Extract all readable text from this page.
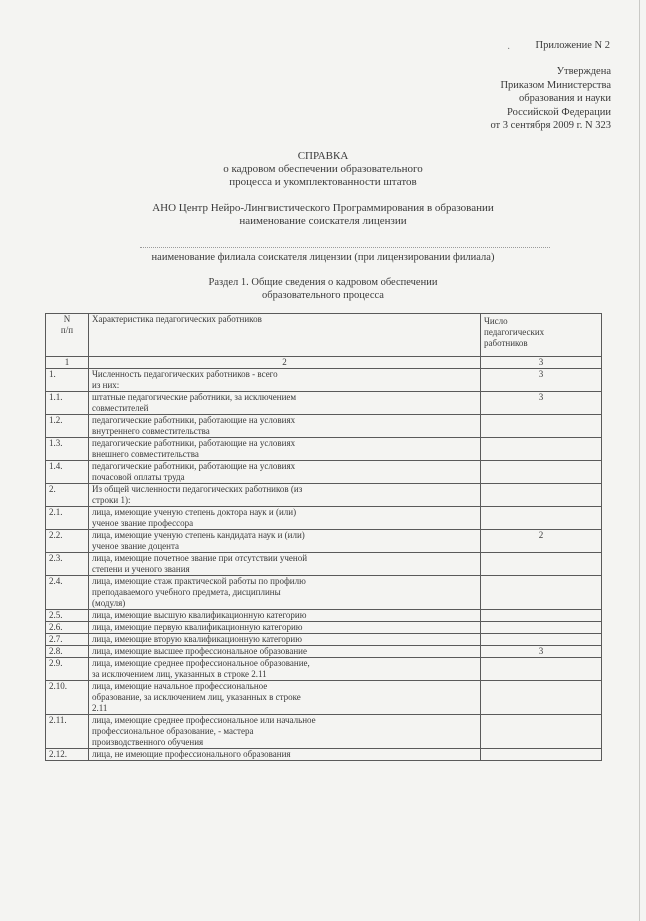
· Приложение N 2
Утверждена
Приказом Министерства
образования и науки
Российской Федерации
от 3 сентября 2009 г. N 323
СПРАВКА
о кадровом обеспечении образовательного
процесса и укомплектованности штатов
АНО Центр Нейро-Лингвистического Программирования в образовании
наименование соискателя лицензии
наименование филиала соискателя лицензии (при лицензировании филиала)
Раздел 1. Общие сведения о кадровом обеспечении
образовательного процесса
N
п/п	Характеристика педагогических работников	Число
педагогических
работников
1	2	3
1.	Численность педагогических работников - всего
из них:	3
1.1.	штатные педагогические работники, за исключением
совместителей	3
1.2.	педагогические работники, работающие на условиях
внутреннего совместительства	
1.3.	педагогические работники, работающие на условиях
внешнего совместительства	
1.4.	педагогические работники, работающие на условиях
почасовой оплаты труда	
2.	Из общей численности педагогических работников (из
строки 1):	
2.1.	лица, имеющие ученую степень доктора наук и (или)
ученое звание профессора	
2.2.	лица, имеющие ученую степень кандидата наук и (или)
ученое звание доцента	2
2.3.	лица, имеющие почетное звание при отсутствии ученой
степени и ученого звания	
2.4.	лица, имеющие стаж практической работы по профилю
преподаваемого учебного предмета, дисциплины
(модуля)	
2.5.	лица, имеющие высшую квалификационную категорию	
2.6.	лица, имеющие первую квалификационную категорию	
2.7.	лица, имеющие вторую квалификационную категорию	
2.8.	лица, имеющие высшее профессиональное образование	3
2.9.	лица, имеющие среднее профессиональное образование,
за исключением лиц, указанных в строке 2.11	
2.10.	лица, имеющие начальное профессиональное
образование, за исключением лиц, указанных в строке
2.11	
2.11.	лица, имеющие среднее профессиональное или начальное
профессиональное образование, - мастера
производственного обучения	
2.12.	лица, не имеющие профессионального образования	
